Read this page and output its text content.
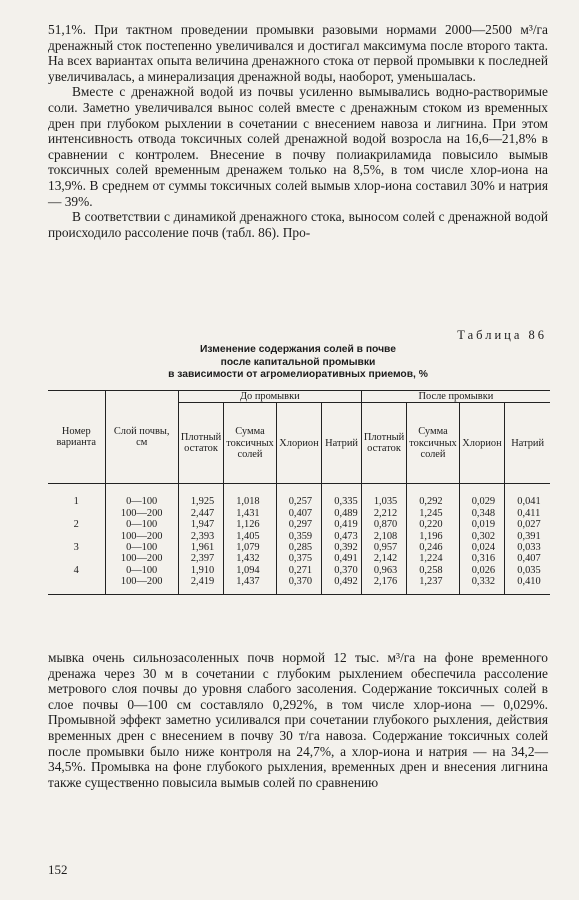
51,1%. При тактном проведении промывки разовыми нормами 2000—2500 м³/га дренажный сток постепенно увеличивался и достигал максимума после второго такта. На всех вариантах опыта величина дренажного стока от первой промывки к последней увеличивалась, а минерализация дренажной воды, наоборот, уменьшалась.

Вместе с дренажной водой из почвы усиленно вымывались водно-растворимые соли. Заметно увеличивался вынос солей вместе с дренажным стоком из временных дрен при глубоком рыхлении в сочетании с внесением навоза и лигнина. При этом интенсивность отвода токсичных солей дренажной водой возросла на 16,6—21,8% в сравнении с контролем. Внесение в почву полиакриламида повысило вымыв токсичных солей временным дренажем только на 8,5%, в том числе хлор-иона на 13,9%. В среднем от суммы токсичных солей вымыв хлор-иона составил 30% и натрия — 39%.

В соответствии с динамикой дренажного стока, выносом солей с дренажной водой происходило рассоление почв (табл. 86). Про-

Таблица 86

Изменение содержания солей в почве
после капитальной промывки
в зависимости от агромелиоративных приемов, %

Номер варианта	Слой почвы, см	До промывки				После промывки			
		Плотный остаток	Сумма токсичных солей	Хлорион	Натрий	Плотный остаток	Сумма токсичных солей	Хлорион	Натрий

1	0—100	1,925	1,018	0,257	0,335	1,035	0,292	0,029	0,041
	100—200	2,447	1,431	0,407	0,489	2,212	1,245	0,348	0,411
2	0—100	1,947	1,126	0,297	0,419	0,870	0,220	0,019	0,027
	100—200	2,393	1,405	0,359	0,473	2,108	1,196	0,302	0,391
3	0—100	1,961	1,079	0,285	0,392	0,957	0,246	0,024	0,033
	100—200	2,397	1,432	0,375	0,491	2,142	1,224	0,316	0,407
4	0—100	1,910	1,094	0,271	0,370	0,963	0,258	0,026	0,035
	100—200	2,419	1,437	0,370	0,492	2,176	1,237	0,332	0,410

мывка очень сильнозасоленных почв нормой 12 тыс. м³/га на фоне временного дренажа через 30 м в сочетании с глубоким рыхлением обеспечила рассоление метрового слоя почвы до уровня слабого засоления. Содержание токсичных солей в слое почвы 0—100 см составляло 0,292%, в том числе хлор-иона — 0,029%. Промывной эффект заметно усиливался при сочетании глубокого рыхления, действия временных дрен с внесением в почву 30 т/га навоза. Содержание токсичных солей после промывки было ниже контроля на 24,7%, а хлор-иона и натрия — на 34,2—34,5%. Промывка на фоне глубокого рыхления, временных дрен и внесения лигнина также существенно повысила вымыв солей по сравнению

152
